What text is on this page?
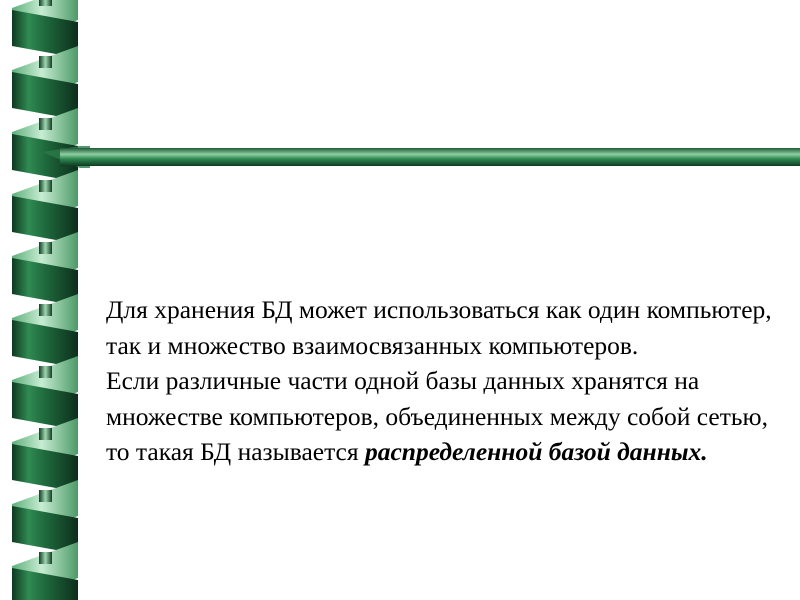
Для хранения БД может использоваться как один компьютер, так и множество взаимосвязанных компьютеров.

Если различные части одной базы данных хранятся на множестве компьютеров, объединенных между собой сетью, то такая БД называется распределенной базой данных.
